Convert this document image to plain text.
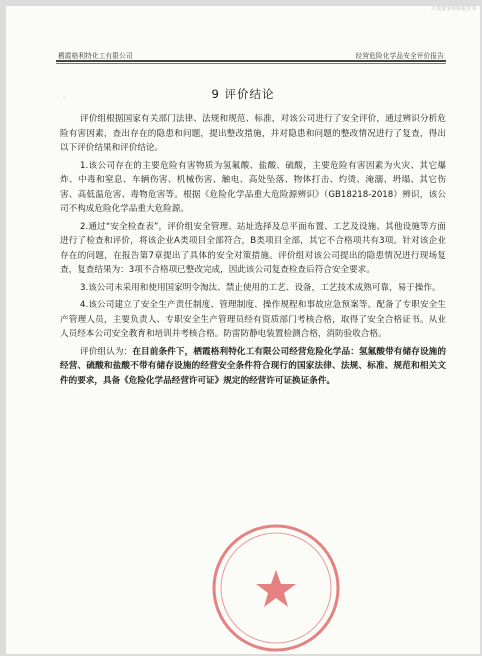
人员安全评价报告书
栖霞格利特化工有限公司	经营危险化学品安全评价报告
9 评价结论
·

评价组根据国家有关部门法律、法规和规范、标准，对该公司进行了安全评价，通过辨识分析危险有害因素，查出存在的隐患和问题，提出整改措施，并对隐患和问题的整改情况进行了复查，得出以下评价结果和评价结论。

1.该公司存在的主要危险有害物质为氢氟酸、盐酸、硫酸，主要危险有害因素为火灾、其它爆炸、中毒和窒息、车辆伤害、机械伤害、触电、高处坠落、物体打击、灼烫、淹溺、坍塌、其它伤害、高低温危害、毒物危害等。根据《危险化学品重大危险源辨识》（GB18218-2018）辨识，该公司不构成危险化学品重大危险源。

2.通过“安全检查表”，评价组安全管理、站址选择及总平面布置、工艺及设施、其他设施等方面进行了检查和评价，将该企业A类项目全部符合，B类项目全部，其它不合格项共有3项。针对该企业存在的问题，在报告第7章提出了具体的安全对策措施。评价组对该公司提出的隐患情况进行现场复查，复查结果为：3项不合格项已整改完成，因此该公司复查检查后符合安全要求。

3.该公司未采用和使用国家明令淘汰、禁止使用的工艺、设备，工艺技术成熟可靠，易于操作。

4.该公司建立了安全生产责任制度、管理制度、操作规程和事故应急预案等。配备了专职安全生产管理人员，主要负责人、专职安全生产管理员经有资质部门考核合格，取得了安全合格证书。从业人员经本公司安全教育和培训并考核合格。防雷防静电装置检测合格，消防验收合格。

评价组认为：在目前条件下，栖霞格利特化工有限公司经营危险化学品：氢氟酸带有储存设施的经营、硫酸和盐酸不带有储存设施的经营安全条件符合现行的国家法律、法规、标准、规范和相关文件的要求，具备《危险化学品经营许可证》规定的经营许可证换证条件。
